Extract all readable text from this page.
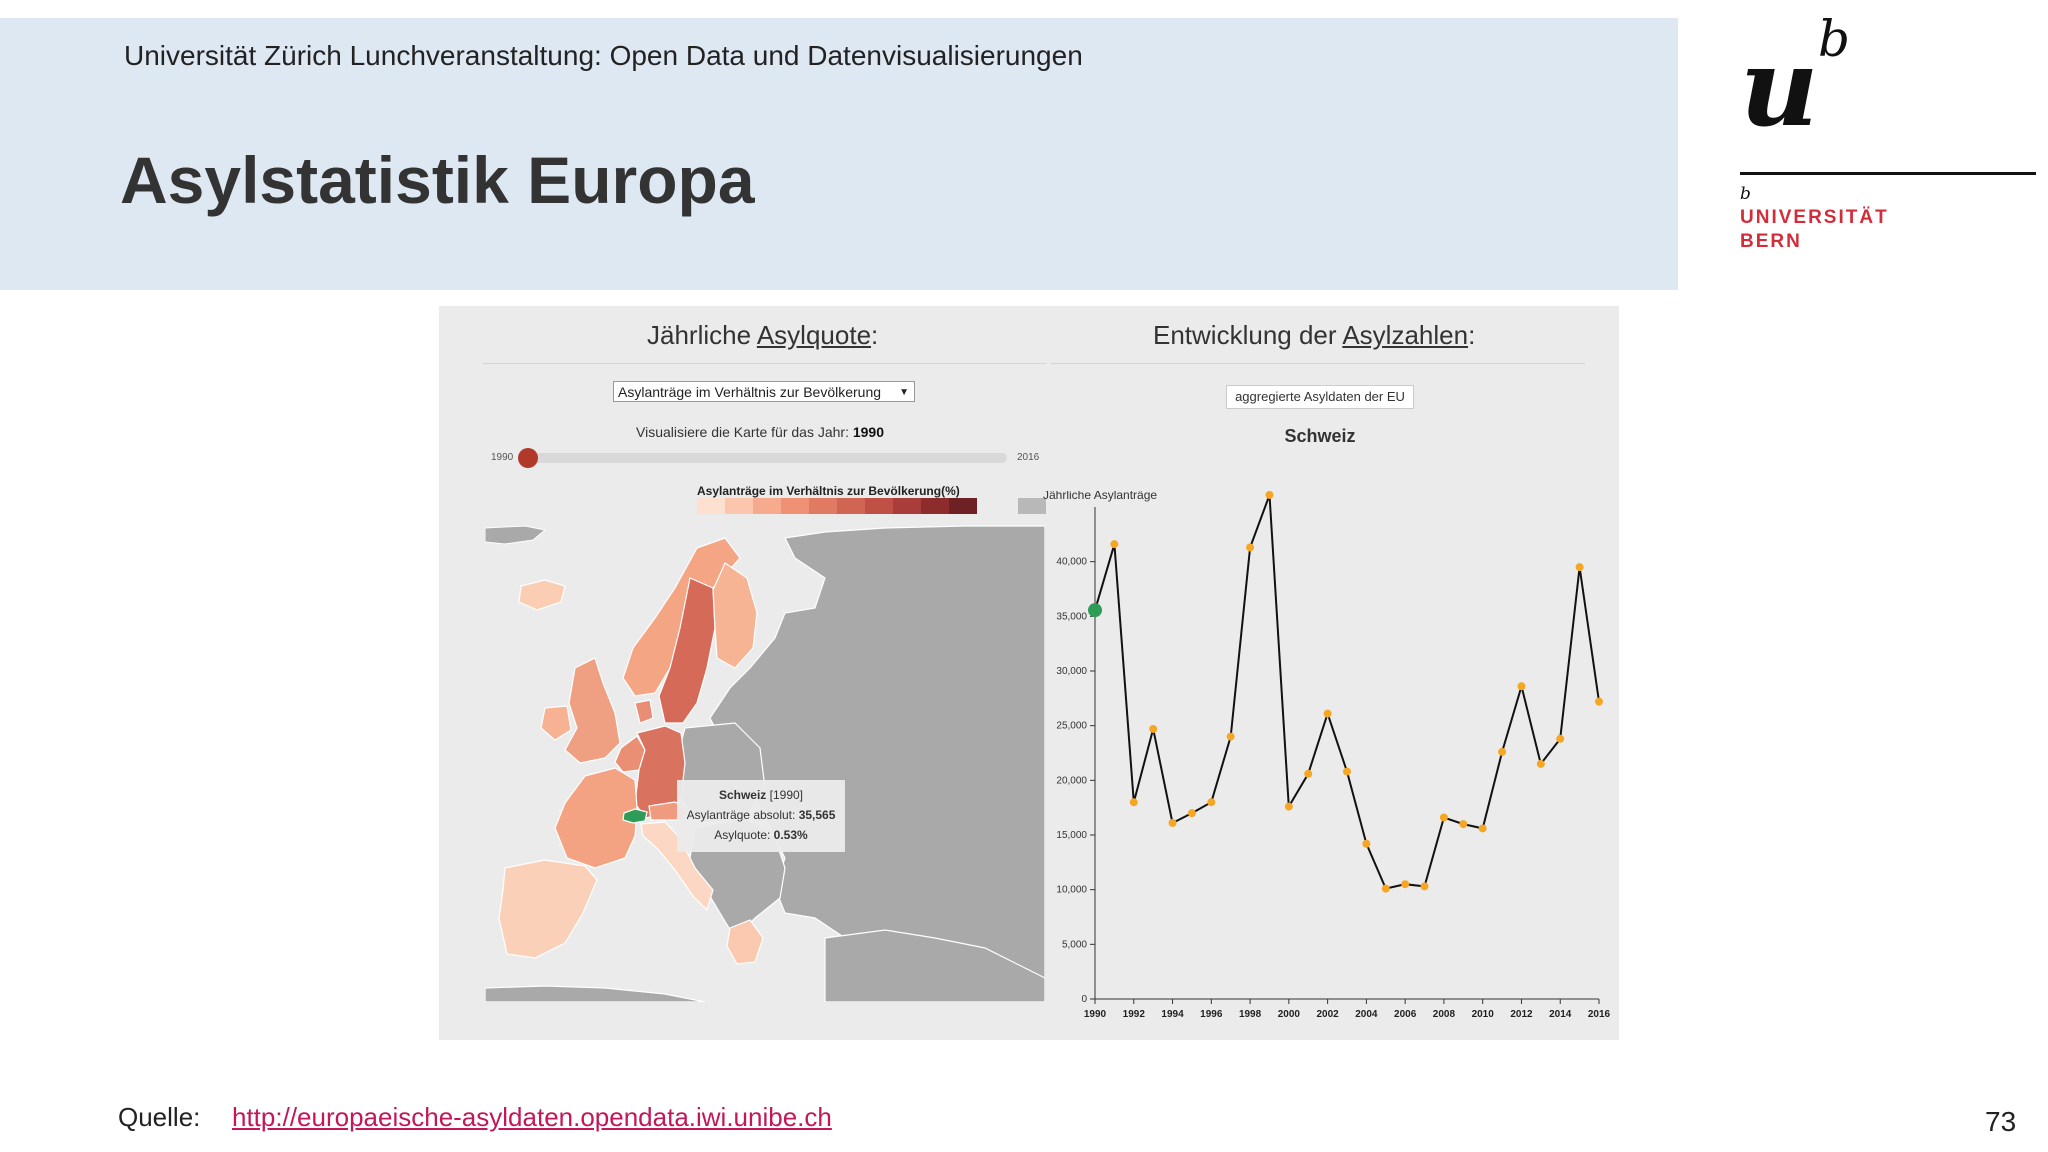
Universität Zürich Lunchveranstaltung: Open Data und Datenvisualisierungen
Asylstatistik Europa
u b
b
UNIVERSITÄT
BERN
Jährliche Asylquote:
Asylanträge im Verhältnis zur Bevölkerung ▼
Visualisiere die Karte für das Jahr: 1990
1990	2016
Asylanträge im Verhältnis zur Bevölkerung(%)
Schweiz [1990]
Asylanträge absolut: 35,565
Asylquote: 0.53%
Entwicklung der Asylzahlen:
aggregierte Asyldaten der EU
Schweiz
0
5,000
10,000
15,000
20,000
25,000
30,000
35,000
40,000
1990 1992 1994 1996 1998 2000 2002 2004 2006 2008 2010 2012 2014 2016
Jährliche Asylanträge
Quelle: http://europaeische-asyldaten.opendata.iwi.unibe.ch	73
